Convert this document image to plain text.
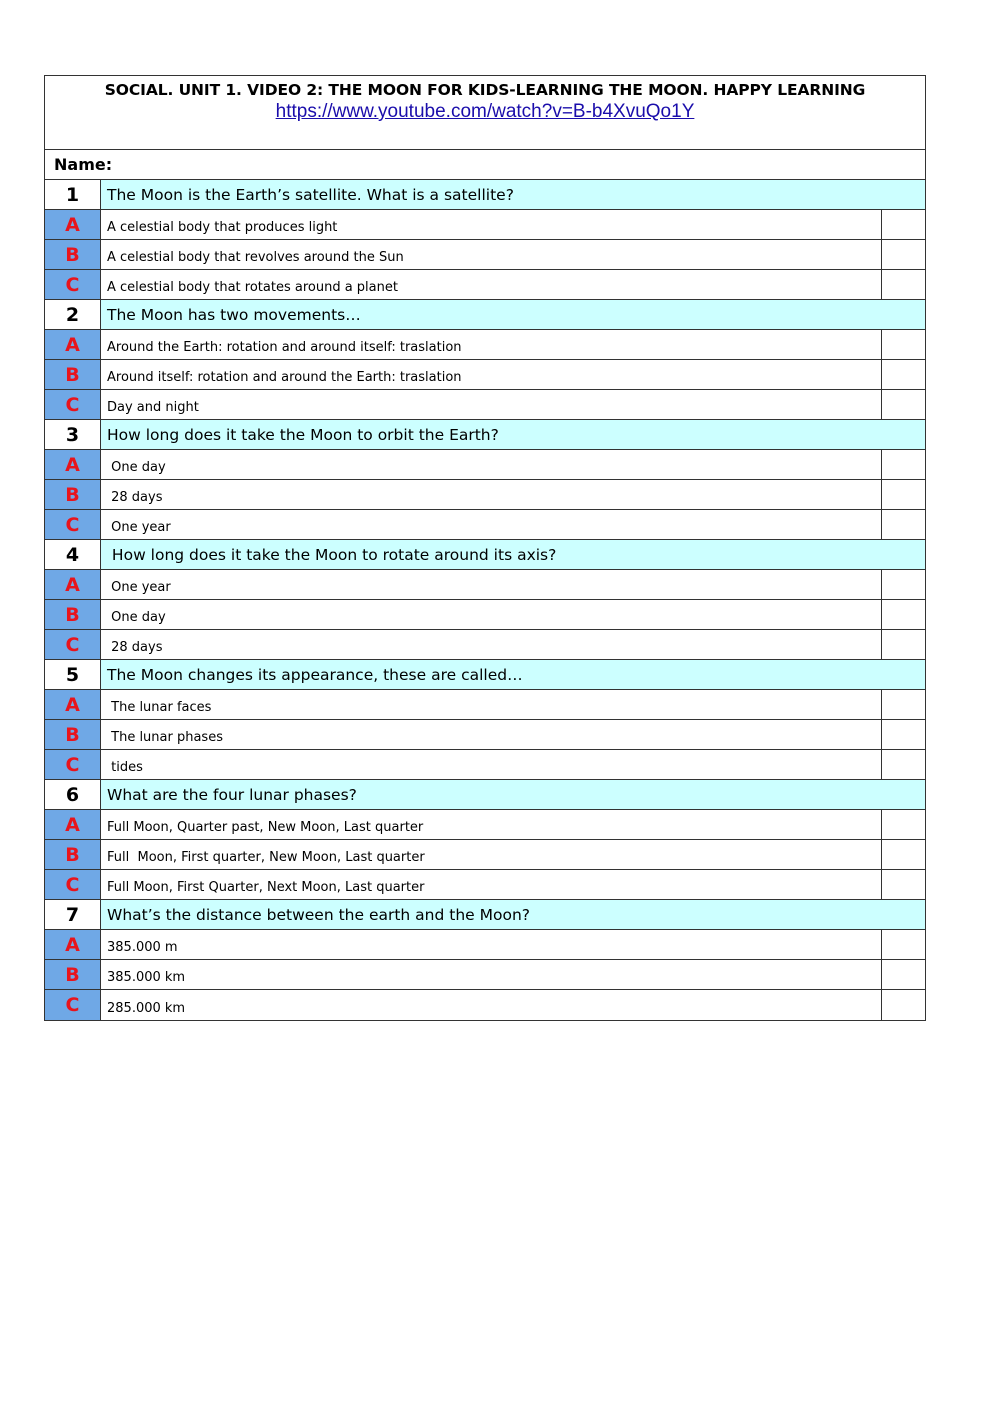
SOCIAL. UNIT 1. VIDEO 2: THE MOON FOR KIDS-LEARNING THE MOON. HAPPY LEARNING
https://www.youtube.com/watch?v=B-b4XvuQo1Y
Name:
1	The Moon is the Earth’s satellite. What is a satellite?
A	A celestial body that produces light
B	A celestial body that revolves around the Sun
C	A celestial body that rotates around a planet
2	The Moon has two movements…
A	Around the Earth: rotation and around itself: traslation
B	Around itself: rotation and around the Earth: traslation
C	Day and night
3	How long does it take the Moon to orbit the Earth?
A	One day
B	28 days
C	One year
4	How long does it take the Moon to rotate around its axis?
A	One year
B	One day
C	28 days
5	The Moon changes its appearance, these are called…
A	The lunar faces
B	The lunar phases
C	tides
6	What are the four lunar phases?
A	Full Moon, Quarter past, New Moon, Last quarter
B	Full  Moon, First quarter, New Moon, Last quarter
C	Full Moon, First Quarter, Next Moon, Last quarter
7	What’s the distance between the earth and the Moon?
A	385.000 m
B	385.000 km
C	285.000 km
